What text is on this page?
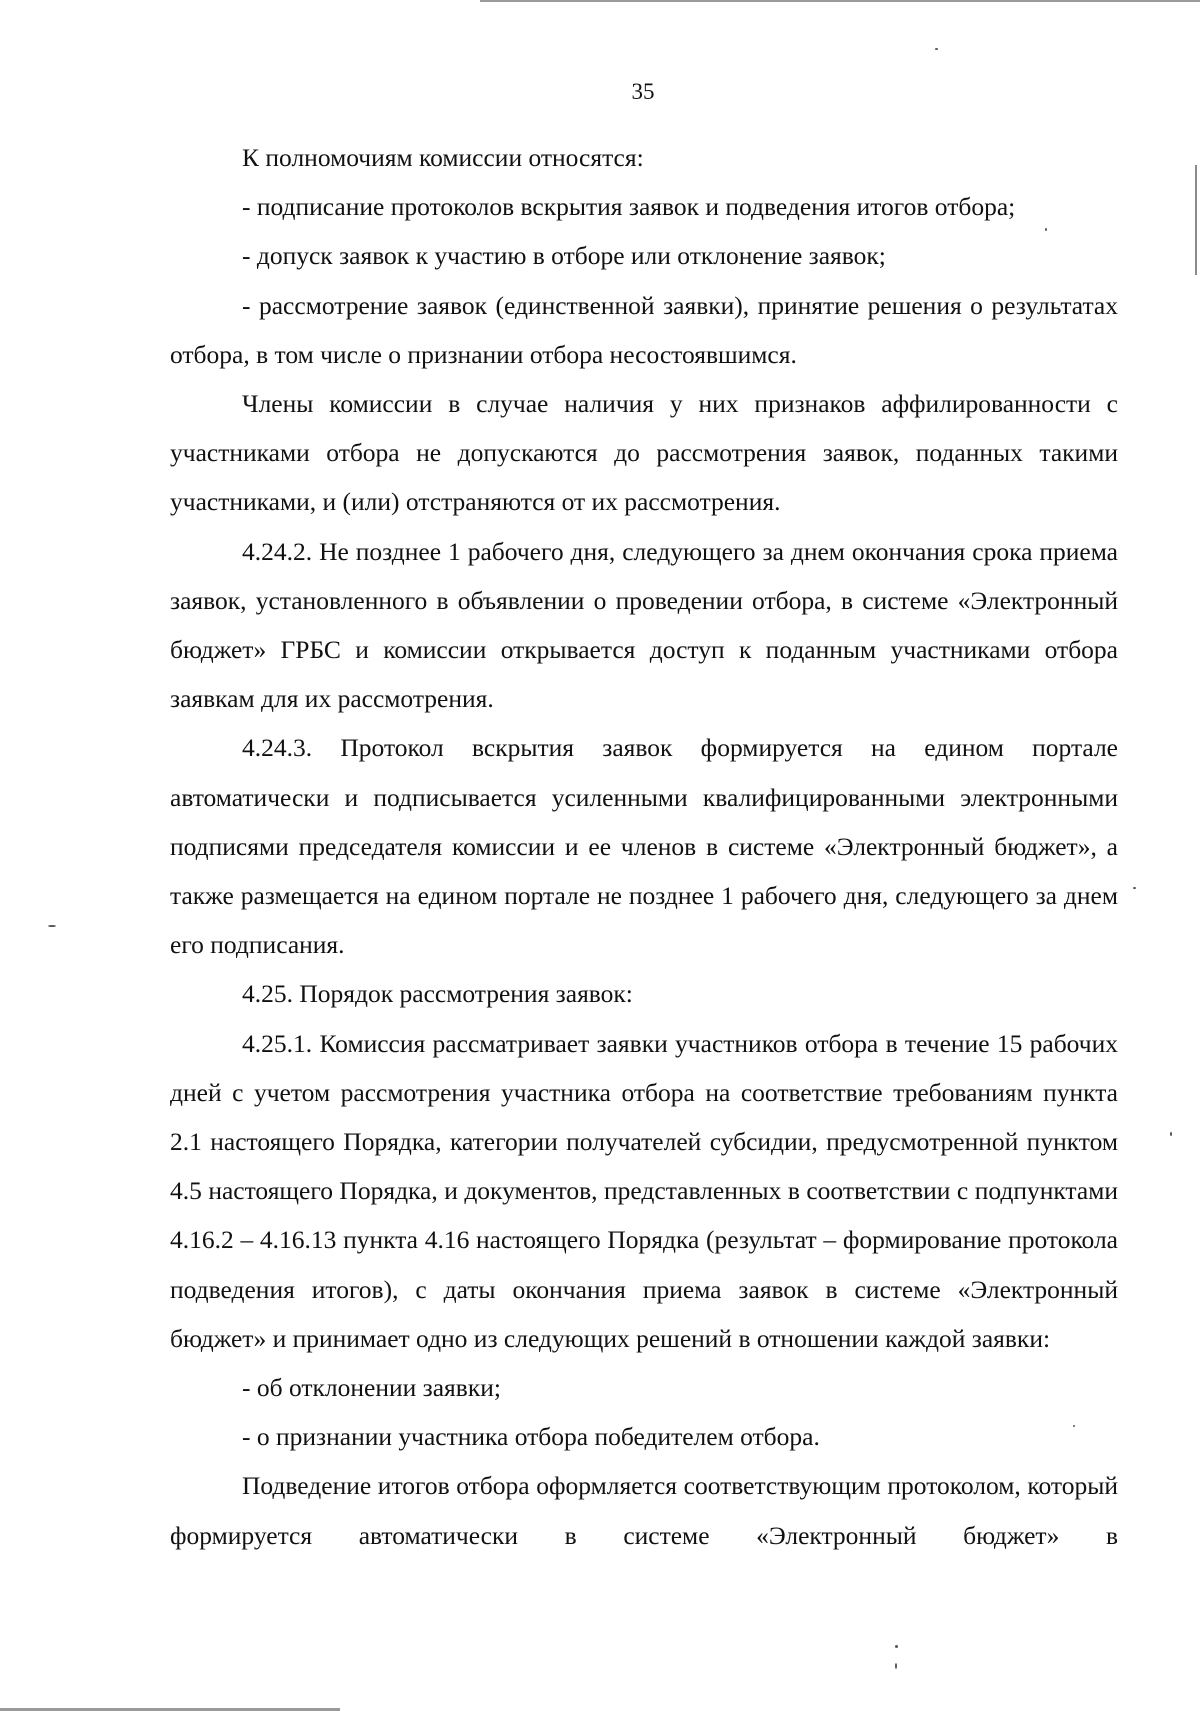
35

К полномочиям комиссии относятся:

- подписание протоколов вскрытия заявок и подведения итогов отбора;

- допуск заявок к участию в отборе или отклонение заявок;

- рассмотрение заявок (единственной заявки), принятие решения о результатах отбора, в том числе о признании отбора несостоявшимся.

Члены комиссии в случае наличия у них признаков аффилированности с участниками отбора не допускаются до рассмотрения заявок, поданных такими участниками, и (или) отстраняются от их рассмотрения.

4.24.2. Не позднее 1 рабочего дня, следующего за днем окончания срока приема заявок, установленного в объявлении о проведении отбора, в системе «Электронный бюджет» ГРБС и комиссии открывается доступ к поданным участниками отбора заявкам для их рассмотрения.

4.24.3. Протокол вскрытия заявок формируется на едином портале автоматически и подписывается усиленными квалифицированными электронными подписями председателя комиссии и ее членов в системе «Электронный бюджет», а также размещается на едином портале не позднее 1 рабочего дня, следующего за днем его подписания.

4.25. Порядок рассмотрения заявок:

4.25.1. Комиссия рассматривает заявки участников отбора в течение 15 рабочих дней с учетом рассмотрения участника отбора на соответствие требованиям пункта 2.1 настоящего Порядка, категории получателей субсидии, предусмотренной пунктом 4.5 настоящего Порядка, и документов, представленных в соответствии с подпунктами 4.16.2 – 4.16.13 пункта 4.16 настоящего Порядка (результат – формирование протокола подведения итогов), с даты окончания приема заявок в системе «Электронный бюджет» и принимает одно из следующих решений в отношении каждой заявки:

- об отклонении заявки;

- о признании участника отбора победителем отбора.

Подведение итогов отбора оформляется соответствующим протоколом, который формируется автоматически в системе «Электронный бюджет» в
